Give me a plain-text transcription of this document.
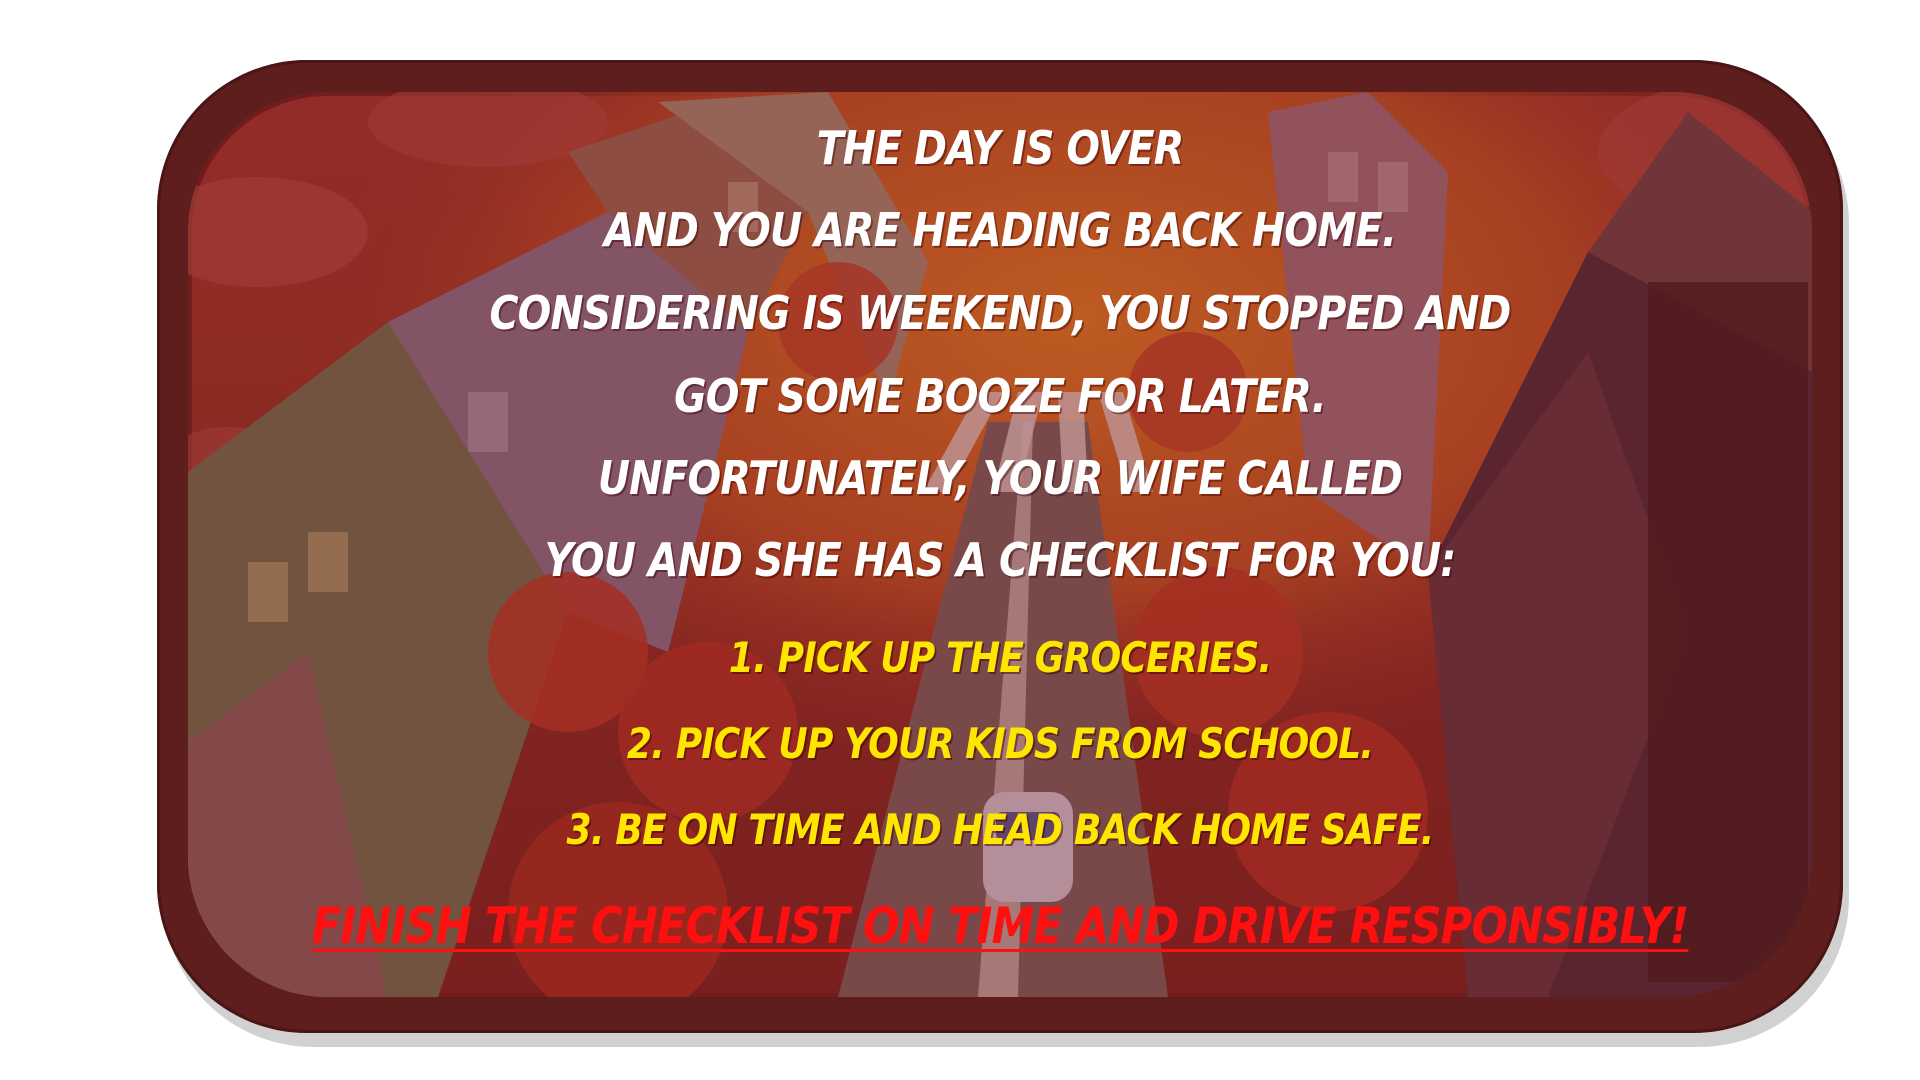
THE DAY IS OVER
AND YOU ARE HEADING BACK HOME.
CONSIDERING IS WEEKEND, YOU STOPPED AND
GOT SOME BOOZE FOR LATER.
UNFORTUNATELY, YOUR WIFE CALLED
YOU AND SHE HAS A CHECKLIST FOR YOU:
1. PICK UP THE GROCERIES.
2. PICK UP YOUR KIDS FROM SCHOOL.
3. BE ON TIME AND HEAD BACK HOME SAFE.
FINISH THE CHECKLIST ON TIME AND DRIVE RESPONSIBLY!
